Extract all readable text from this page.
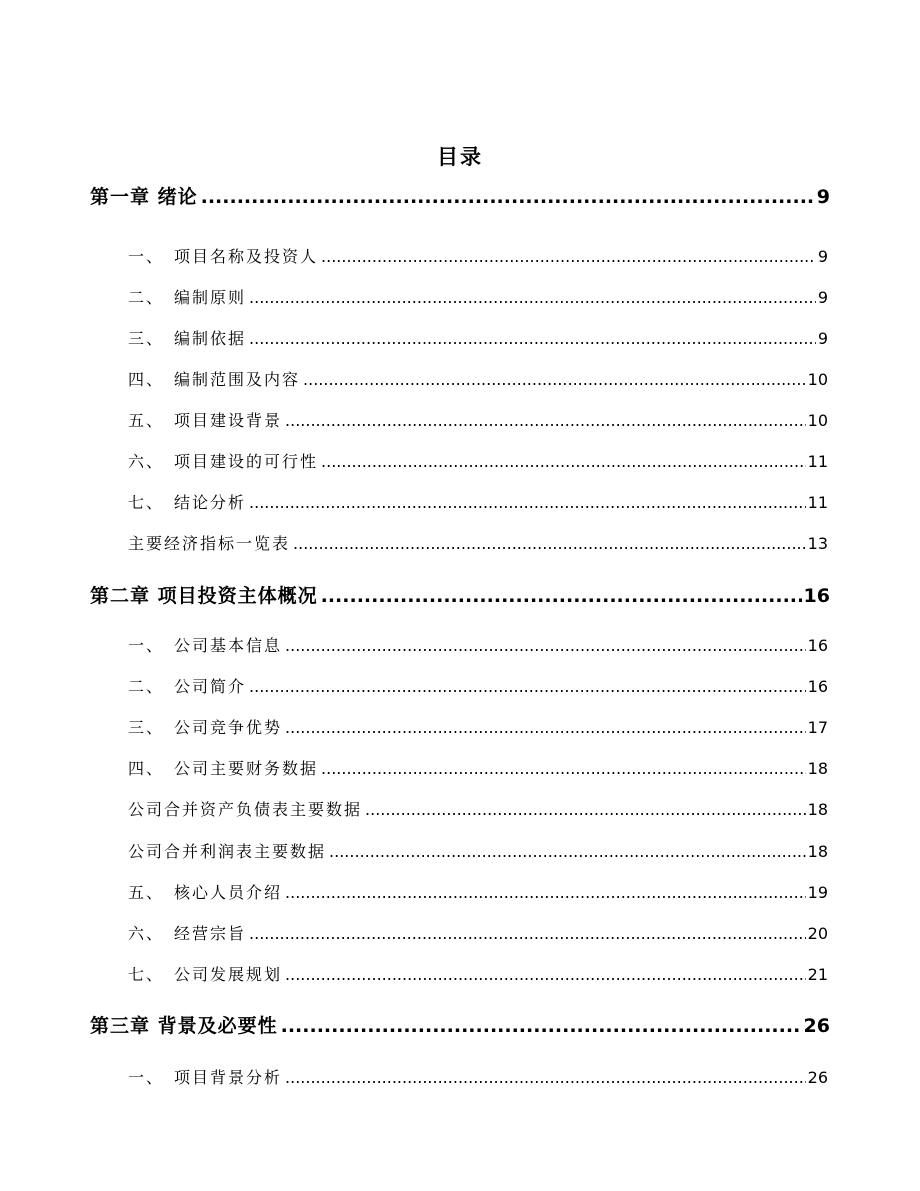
目录
第一章 绪论 .....	9
一、 项目名称及投资人 .....	9
二、 编制原则 .....	9
三、 编制依据 .....	9
四、 编制范围及内容 .....	10
五、 项目建设背景 .....	10
六、 项目建设的可行性 .....	11
七、 结论分析 .....	11
主要经济指标一览表 .....	13
第二章 项目投资主体概况 .....	16
一、 公司基本信息 .....	16
二、 公司简介 .....	16
三、 公司竞争优势 .....	17
四、 公司主要财务数据 .....	18
公司合并资产负债表主要数据 .....	18
公司合并利润表主要数据 .....	18
五、 核心人员介绍 .....	19
六、 经营宗旨 .....	20
七、 公司发展规划 .....	21
第三章 背景及必要性 .....	26
一、 项目背景分析 .....	26
